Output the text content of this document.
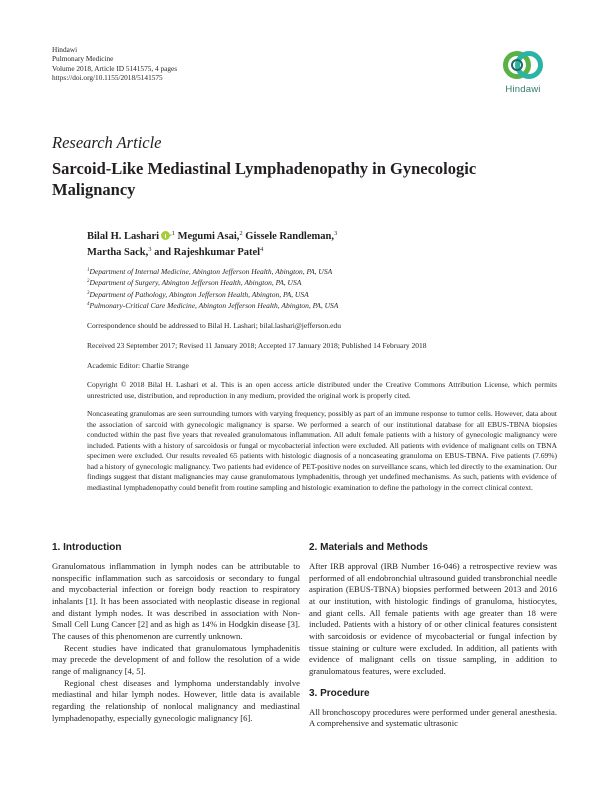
Hindawi
Pulmonary Medicine
Volume 2018, Article ID 5141575, 4 pages
https://doi.org/10.1155/2018/5141575
Hindawi
Research Article
Sarcoid-Like Mediastinal Lymphadenopathy in Gynecologic Malignancy
Bilal H. Lashari $^{,1}$ Megumi Asai,$^2$ Gissele Randleman,$^3$
Martha Sack,$^3$ and Rajeshkumar Patel$^4$
$^1$Department of Internal Medicine, Abington Jefferson Health, Abington, PA, USA
$^2$Department of Surgery, Abington Jefferson Health, Abington, PA, USA
$^3$Department of Pathology, Abington Jefferson Health, Abington, PA, USA
$^4$Pulmonary-Critical Care Medicine, Abington Jefferson Health, Abington, PA, USA
Correspondence should be addressed to Bilal H. Lashari; bilal.lashari@jefferson.edu
Received 23 September 2017; Revised 11 January 2018; Accepted 17 January 2018; Published 14 February 2018
Academic Editor: Charlie Strange
Copyright © 2018 Bilal H. Lashari et al. This is an open access article distributed under the Creative Commons Attribution License, which permits unrestricted use, distribution, and reproduction in any medium, provided the original work is properly cited.
Noncaseating granulomas are seen surrounding tumors with varying frequency, possibly as part of an immune response to tumor cells. However, data about the association of sarcoid with gynecologic malignancy is sparse. We performed a search of our institutional database for all EBUS-TBNA biopsies conducted within the past five years that revealed granulomatous inflammation. All adult female patients with a history of gynecologic malignancy were included. Patients with a history of sarcoidosis or fungal or mycobacterial infection were excluded. All patients with evidence of malignant cells on TBNA specimen were excluded. Our results revealed 65 patients with histologic diagnosis of a noncaseating granuloma on EBUS-TBNA. Five patients (7.69%) had a history of gynecologic malignancy. Two patients had evidence of PET-positive nodes on surveillance scans, which led directly to the examination. Our findings suggest that distant malignancies may cause granulomatous lymphadenitis, through yet undefined mechanisms. As such, patients with evidence of mediastinal lymphadenopathy could benefit from routine sampling and histologic examination to define the pathology in the correct clinical context.
1. Introduction

Granulomatous inflammation in lymph nodes can be attributable to nonspecific inflammation such as sarcoidosis or secondary to fungal and mycobacterial infection or foreign body reaction to respiratory inhalants [1]. It has been associated with neoplastic disease in regional and distant lymph nodes. It was described in association with Non-Small Cell Lung Cancer [2] and as high as 14% in Hodgkin disease [3]. The causes of this phenomenon are currently unknown.

Recent studies have indicated that granulomatous lymphadenitis may precede the development of and follow the resolution of a wide range of malignancy [4, 5].

Regional chest diseases and lymphoma understandably involve mediastinal and hilar lymph nodes. However, little data is available regarding the relationship of nonlocal malignancy and mediastinal lymphadenopathy, especially gynecologic malignancy [6].

2. Materials and Methods

After IRB approval (IRB Number 16-046) a retrospective review was performed of all endobronchial ultrasound guided transbronchial needle aspiration (EBUS-TBNA) biopsies performed between 2013 and 2016 at our institution, with histologic findings of granuloma, histiocytes, and giant cells. All female patients with age greater than 18 were included. Patients with a history of or other clinical features consistent with sarcoidosis or evidence of mycobacterial or fungal infection by tissue staining or culture were excluded. In addition, all patients with evidence of malignant cells on tissue sampling, in addition to granulomatous features, were excluded.

3. Procedure

All bronchoscopy procedures were performed under general anesthesia. A comprehensive and systematic ultrasonic
